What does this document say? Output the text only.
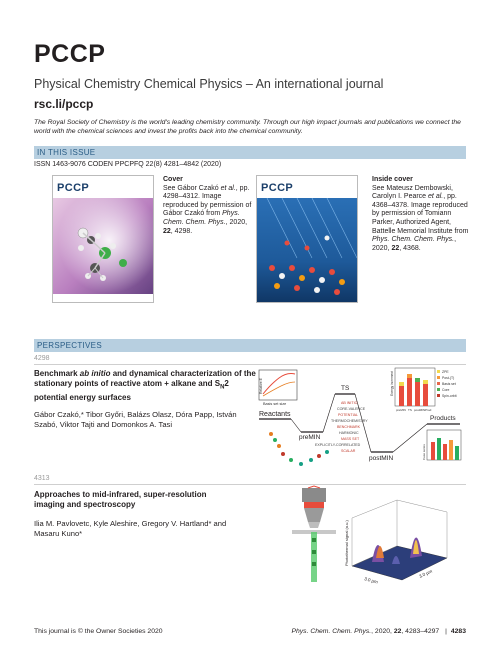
PCCP
Physical Chemistry Chemical Physics – An international journal
rsc.li/pccp
The Royal Society of Chemistry is the world's leading chemistry community. Through our high impact journals and publications we connect the world with the chemical sciences and invest the profits back into the chemical community.
IN THIS ISSUE
ISSN 1463-9076 CODEN PPCPFQ 22(8) 4281–4842 (2020)
PCCP
Cover
See Gábor Czakó et al., pp. 4298–4312. Image reproduced by permission of Gábor Czakó from Phys. Chem. Chem. Phys., 2020, 22, 4298.
PCCP
Inside cover
See Mateusz Dembowski, Carolyn I. Pearce et al., pp. 4368–4378. Image reproduced by permission of Tomiann Parker, Authorized Agent, Battelle Memorial Institute from Phys. Chem. Chem. Phys., 2020, 22, 4368.
PERSPECTIVES
4298
Benchmark ab initio and dynamical characterization of the stationary points of reactive atom + alkane and $S_N2$ potential energy surfaces
Gábor Czakó,* Tibor Győri, Balázs Olasz, Dóra Papp, István Szabó, Viktor Tajti and Domonkos A. Tasi
Relative E
Basis set size
Reactants
preMIN
TS
postMIN
Products
AB INITIO
CORE-VALENCE
POTENTIAL
THERMOCHEMISTRY
BENCHMARK
HARMONIC
MASS SET
EXPLICITLY-CORRELATED
SCALAR
Energy increment
preMIN TS postMIN Prod
ZPE
Post-(T)
Basis set
Core
Spin-orbit
Case series
4313
Approaches to mid-infrared, super-resolution imaging and spectroscopy
Ilia M. Pavlovetc, Kyle Aleshire, Gregory V. Hartland* and Masaru Kuno*	Photothermal signal (a.u.)
3.0 µm
3.0 µm
This journal is © the Owner Societies 2020	Phys. Chem. Chem. Phys., 2020, 22, 4283–4297 | 4283
